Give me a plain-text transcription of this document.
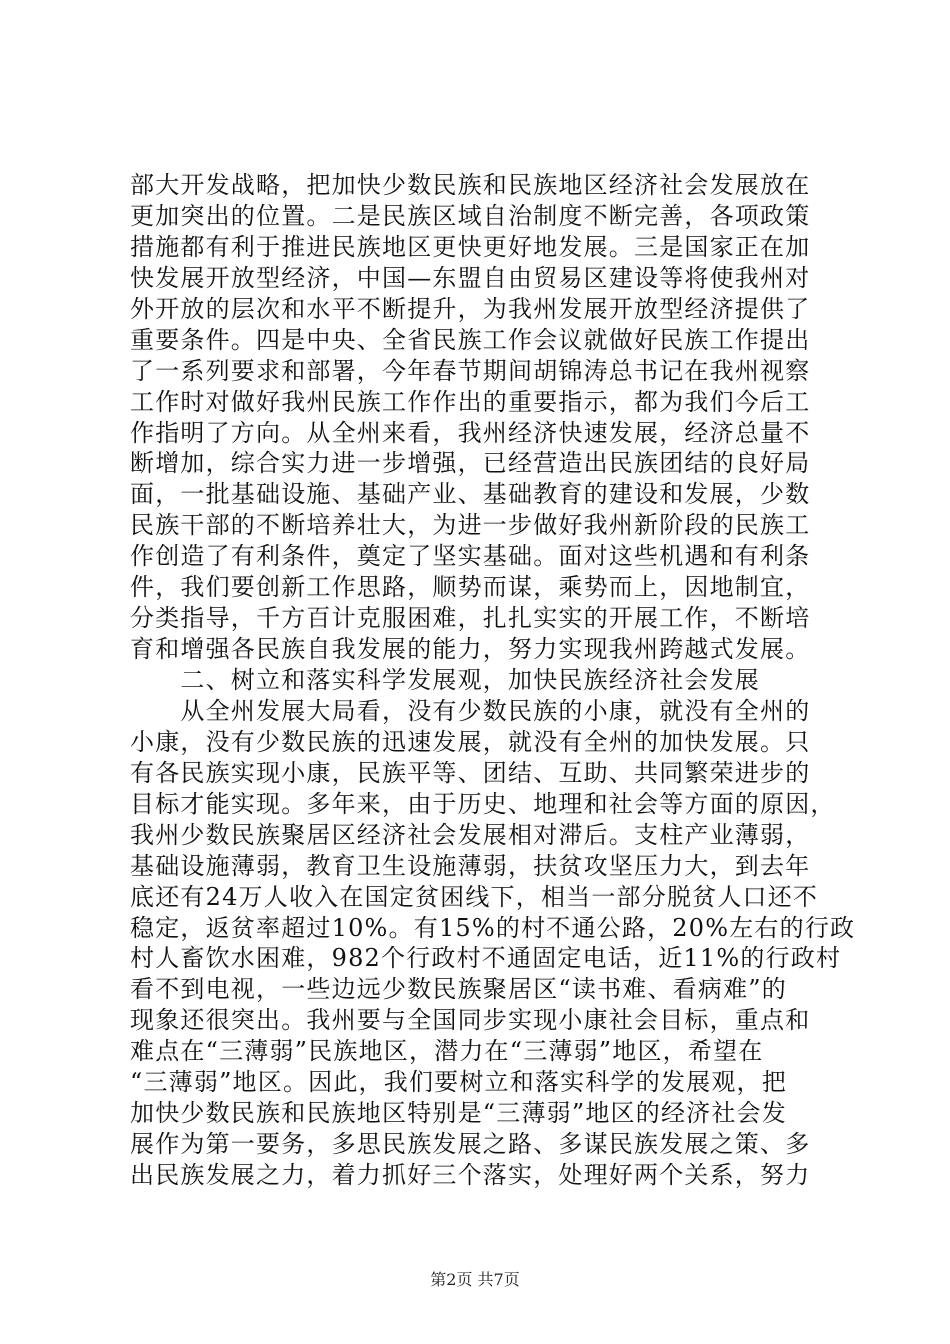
部大开发战略，把加快少数民族和民族地区经济社会发展放在
更加突出的位置。二是民族区域自治制度不断完善，各项政策
措施都有利于推进民族地区更快更好地发展。三是国家正在加
快发展开放型经济，中国—东盟自由贸易区建设等将使我州对
外开放的层次和水平不断提升，为我州发展开放型经济提供了
重要条件。四是中央、全省民族工作会议就做好民族工作提出
了一系列要求和部署，今年春节期间胡锦涛总书记在我州视察
工作时对做好我州民族工作作出的重要指示，都为我们今后工
作指明了方向。从全州来看，我州经济快速发展，经济总量不
断增加，综合实力进一步增强，已经营造出民族团结的良好局
面，一批基础设施、基础产业、基础教育的建设和发展，少数
民族干部的不断培养壮大，为进一步做好我州新阶段的民族工
作创造了有利条件，奠定了坚实基础。面对这些机遇和有利条
件，我们要创新工作思路，顺势而谋，乘势而上，因地制宜，
分类指导，千方百计克服困难，扎扎实实的开展工作，不断培
育和增强各民族自我发展的能力，努力实现我州跨越式发展。
　　二、树立和落实科学发展观，加快民族经济社会发展
　　从全州发展大局看，没有少数民族的小康，就没有全州的
小康，没有少数民族的迅速发展，就没有全州的加快发展。只
有各民族实现小康，民族平等、团结、互助、共同繁荣进步的
目标才能实现。多年来，由于历史、地理和社会等方面的原因，
我州少数民族聚居区经济社会发展相对滞后。支柱产业薄弱，
基础设施薄弱，教育卫生设施薄弱，扶贫攻坚压力大，到去年
底还有24万人收入在国定贫困线下，相当一部分脱贫人口还不
稳定，返贫率超过10%。有15%的村不通公路，20%左右的行政
村人畜饮水困难，982个行政村不通固定电话，近11%的行政村
看不到电视，一些边远少数民族聚居区“读书难、看病难”的
现象还很突出。我州要与全国同步实现小康社会目标，重点和
难点在“三薄弱”民族地区，潜力在“三薄弱”地区，希望在
“三薄弱”地区。因此，我们要树立和落实科学的发展观，把
加快少数民族和民族地区特别是“三薄弱”地区的经济社会发
展作为第一要务，多思民族发展之路、多谋民族发展之策、多
出民族发展之力，着力抓好三个落实，处理好两个关系，努力
第2页 共7页
